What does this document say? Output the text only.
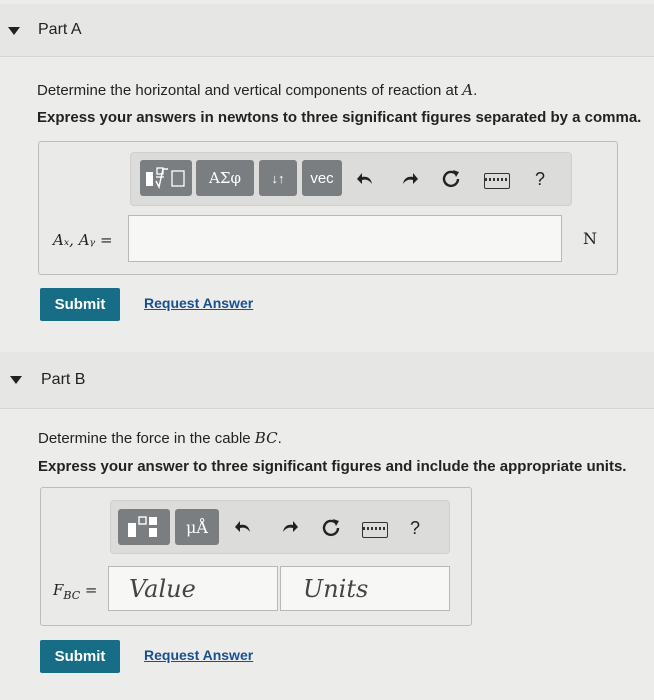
Part A
Determine the horizontal and vertical components of reaction at A.
Express your answers in newtons to three significant figures separated by a comma.
ΑΣφ	↓↑	vec	?
Aₓ, Aᵧ =	N
Submit	Request Answer
Part B
Determine the force in the cable BC.
Express your answer to three significant figures and include the appropriate units.
μÅ	?
$F_{BC}$ = Value	Units
Submit	Request Answer
